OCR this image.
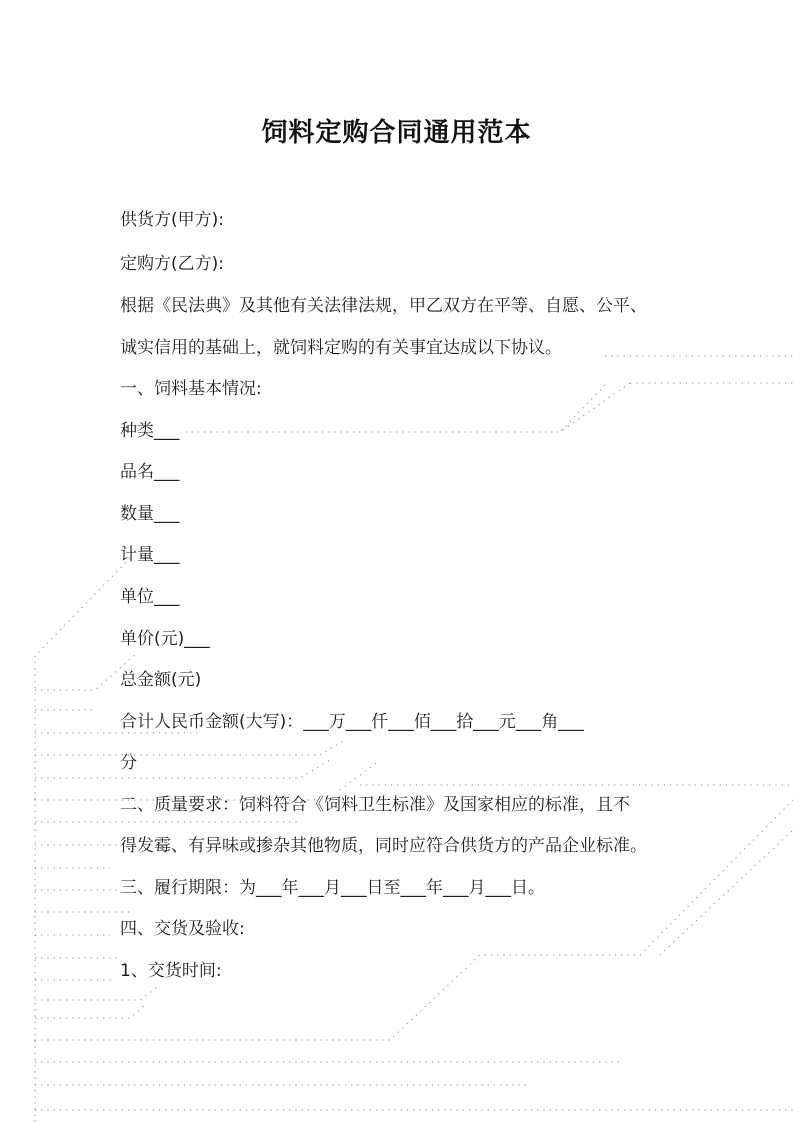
饲料定购合同通用范本
供货方(甲方):
定购方(乙方):
根据《民法典》及其他有关法律法规，甲乙双方在平等、自愿、公平、
诚实信用的基础上，就饲料定购的有关事宜达成以下协议。
一、饲料基本情况:
种类___
品名___
数量___
计量___
单位___
单价(元)___
总金额(元)
合计人民币金额(大写)：___万___仟___佰___拾___元___角___
分
二、质量要求：饲料符合《饲料卫生标准》及国家相应的标准，且不
得发霉、有异味或掺杂其他物质，同时应符合供货方的产品企业标准。
三、履行期限：为___年___月___日至___年___月___日。
四、交货及验收:
1、交货时间:
